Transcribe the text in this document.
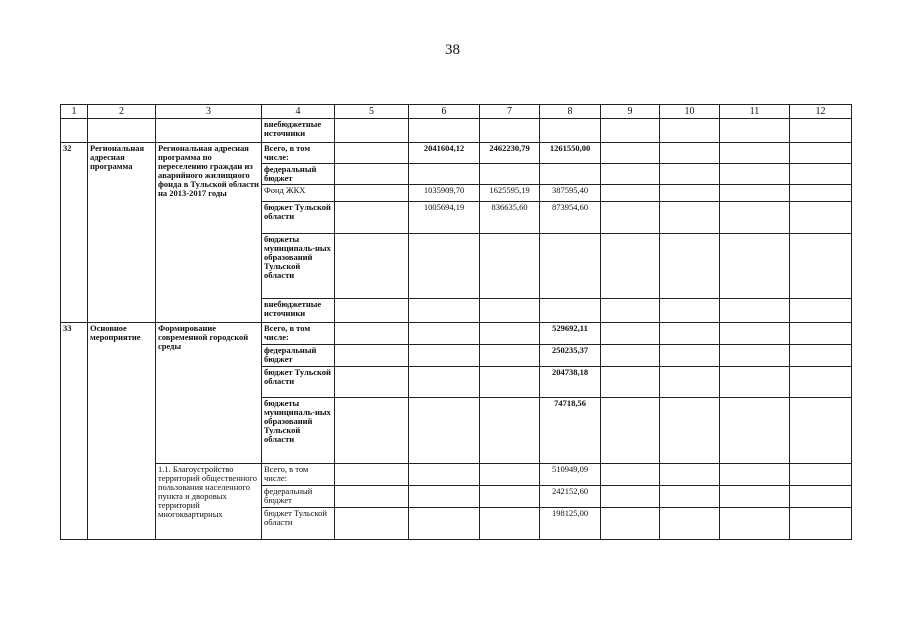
38
1	2	3	4	5	6	7	8	9	10	11	12
			внебюджетные источники								
32	Региональная адресная программа	Региональная адресная программа по переселению граждан из аварийного жилищного фонда в Тульской области на 2013-2017 годы	Всего, в том числе:		2041604,12	2462230,79	1261550,00				
			федеральный бюджет								
			Фонд ЖКХ		1035909,70	1625595,19	387595,40				
			бюджет Тульской области		1005694,19	836635,60	873954,60				
			бюджеты муниципаль-ных образований Тульской области								
			внебюджетные источники								
33	Основное мероприятие	Формирование современной городской среды	Всего, в том числе:				529692,11				
			федеральный бюджет				250235,37				
			бюджет Тульской области				204738,18				
			бюджеты муниципаль-ных образований Тульской области				74718,56				
		1.1. Благоустройство территорий общественного пользования населенного пункта и дворовых территорий многоквартирных	Всего, в том числе:				510949,09				
			федеральный бюджет				242152,60				
			бюджет Тульской области				198125,00				
